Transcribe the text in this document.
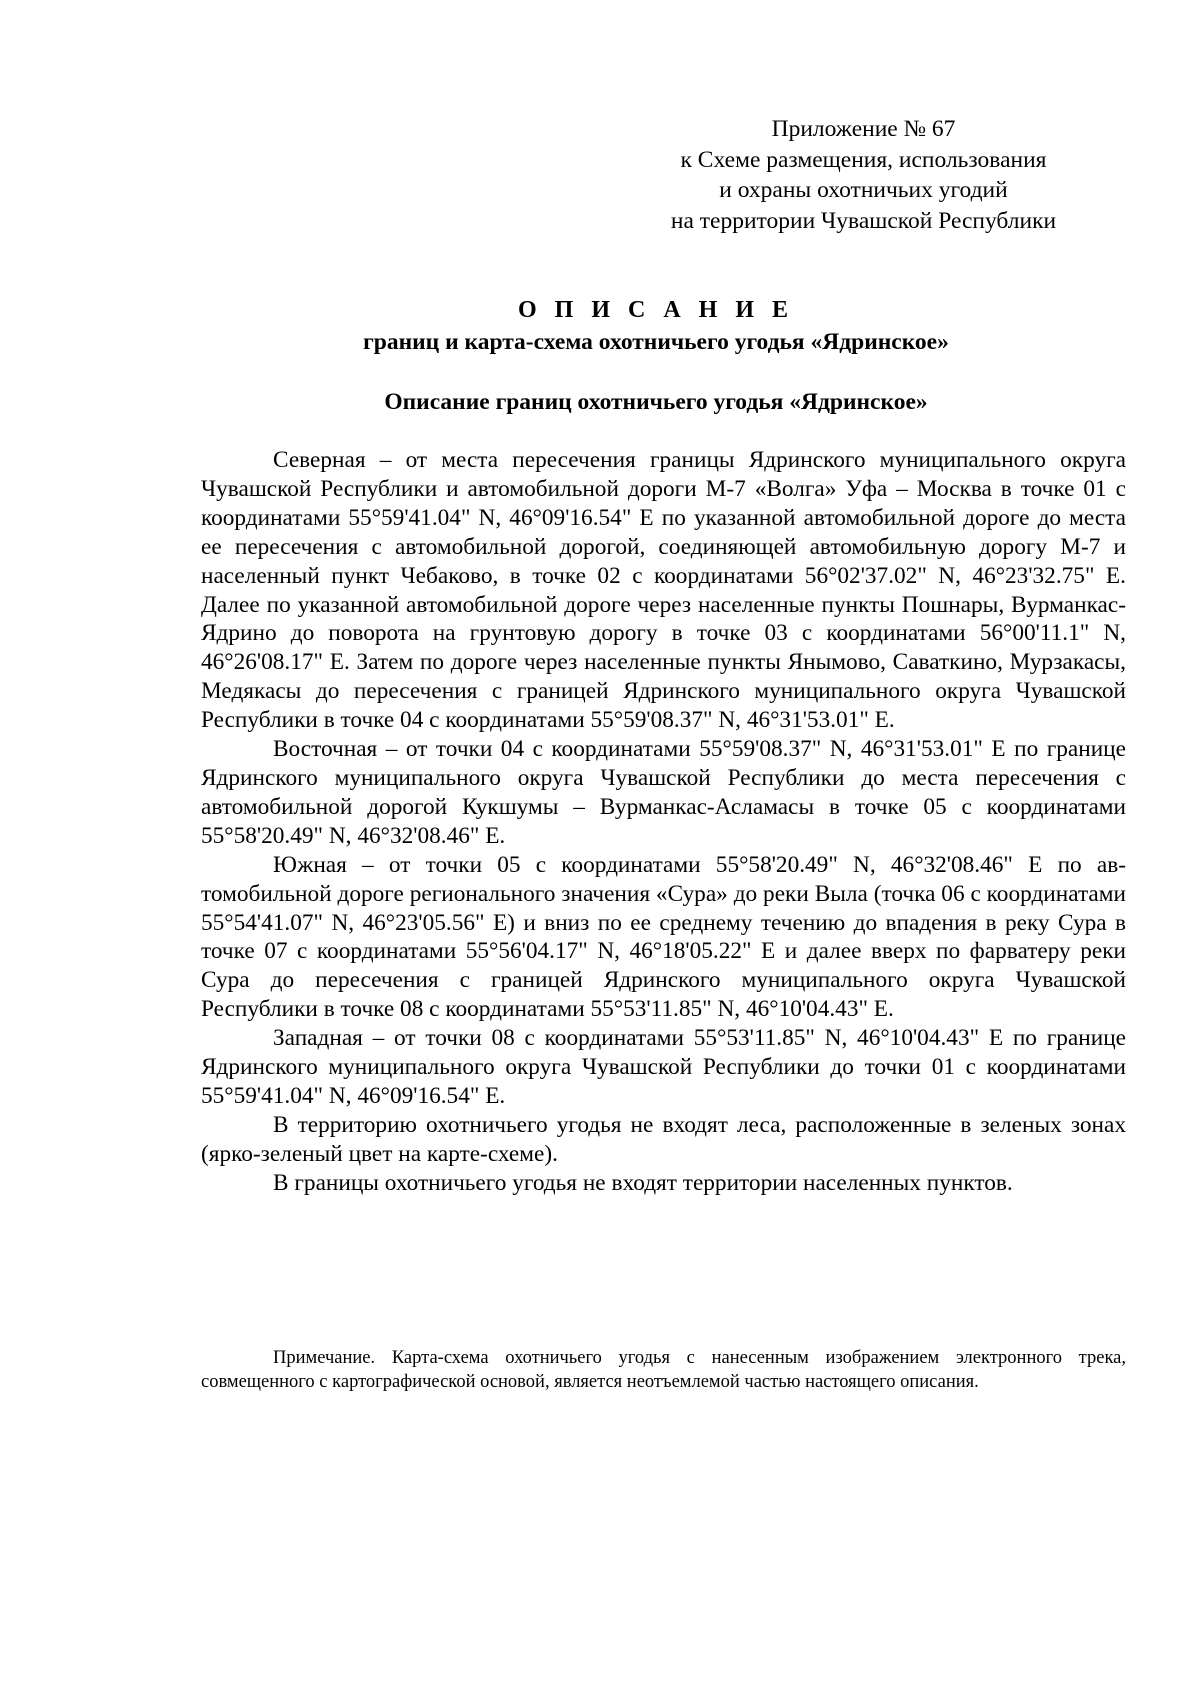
Приложение № 67
к Схеме размещения, использования
и охраны охотничьих угодий
на территории Чувашской Республики
О П И С А Н И Е
границ и карта-схема охотничьего угодья «Ядринское»
Описание границ охотничьего угодья «Ядринское»

Северная – от места пересечения границы Ядринского муниципального округа Чувашской Республики и автомобильной дороги М-7 «Волга» Уфа – Москва в точке 01 с координатами 55°59'41.04" N, 46°09'16.54" E по указанной автомобильной дороге до места ее пересечения с автомобильной дорогой, соединяющей автомобильную дорогу М-7 и населенный пункт Чебаково, в точке 02 с координатами 56°02'37.02" N, 46°23'32.75" E. Далее по указанной автомобильной дороге через населенные пункты Пошнары, Вурманкас-Ядрино до поворота на грунтовую дорогу в точке 03 с координатами 56°00'11.1" N, 46°26'08.17" E. Затем по дороге через населенные пункты Янымово, Саваткино, Мурзакасы, Медякасы до пересечения с границей Ядринского муниципального округа Чувашской Республики в точке 04 с координатами 55°59'08.37" N, 46°31'53.01" E.

Восточная – от точки 04 с координатами 55°59'08.37" N, 46°31'53.01" E по границе Ядринского муниципального округа Чувашской Республики до места пересечения с автомобильной дорогой Кукшумы – Вурманкас-Асламасы в точке 05 с координатами 55°58'20.49" N, 46°32'08.46" E.

Южная – от точки 05 с координатами 55°58'20.49" N, 46°32'08.46" E по автомобильной дороге регионального значения «Сура» до реки Выла (точка 06 с координатами 55°54'41.07" N, 46°23'05.56" E) и вниз по ее среднему течению до впадения в реку Сура в точке 07 с координатами 55°56'04.17" N, 46°18'05.22" E и далее вверх по фарватеру реки Сура до пересечения с границей Ядринского муниципального округа Чувашской Республики в точке 08 с координатами 55°53'11.85" N, 46°10'04.43" E.

Западная – от точки 08 с координатами 55°53'11.85" N, 46°10'04.43" E по границе Ядринского муниципального округа Чувашской Республики до точки 01 с координатами 55°59'41.04" N, 46°09'16.54" E.

В территорию охотничьего угодья не входят леса, расположенные в зеленых зонах (ярко-зеленый цвет на карте-схеме).

В границы охотничьего угодья не входят территории населенных пунктов.

Примечание. Карта-схема охотничьего угодья с нанесенным изображением электронного трека, совмещенного с картографической основой, является неотъемлемой частью настоящего описания.
